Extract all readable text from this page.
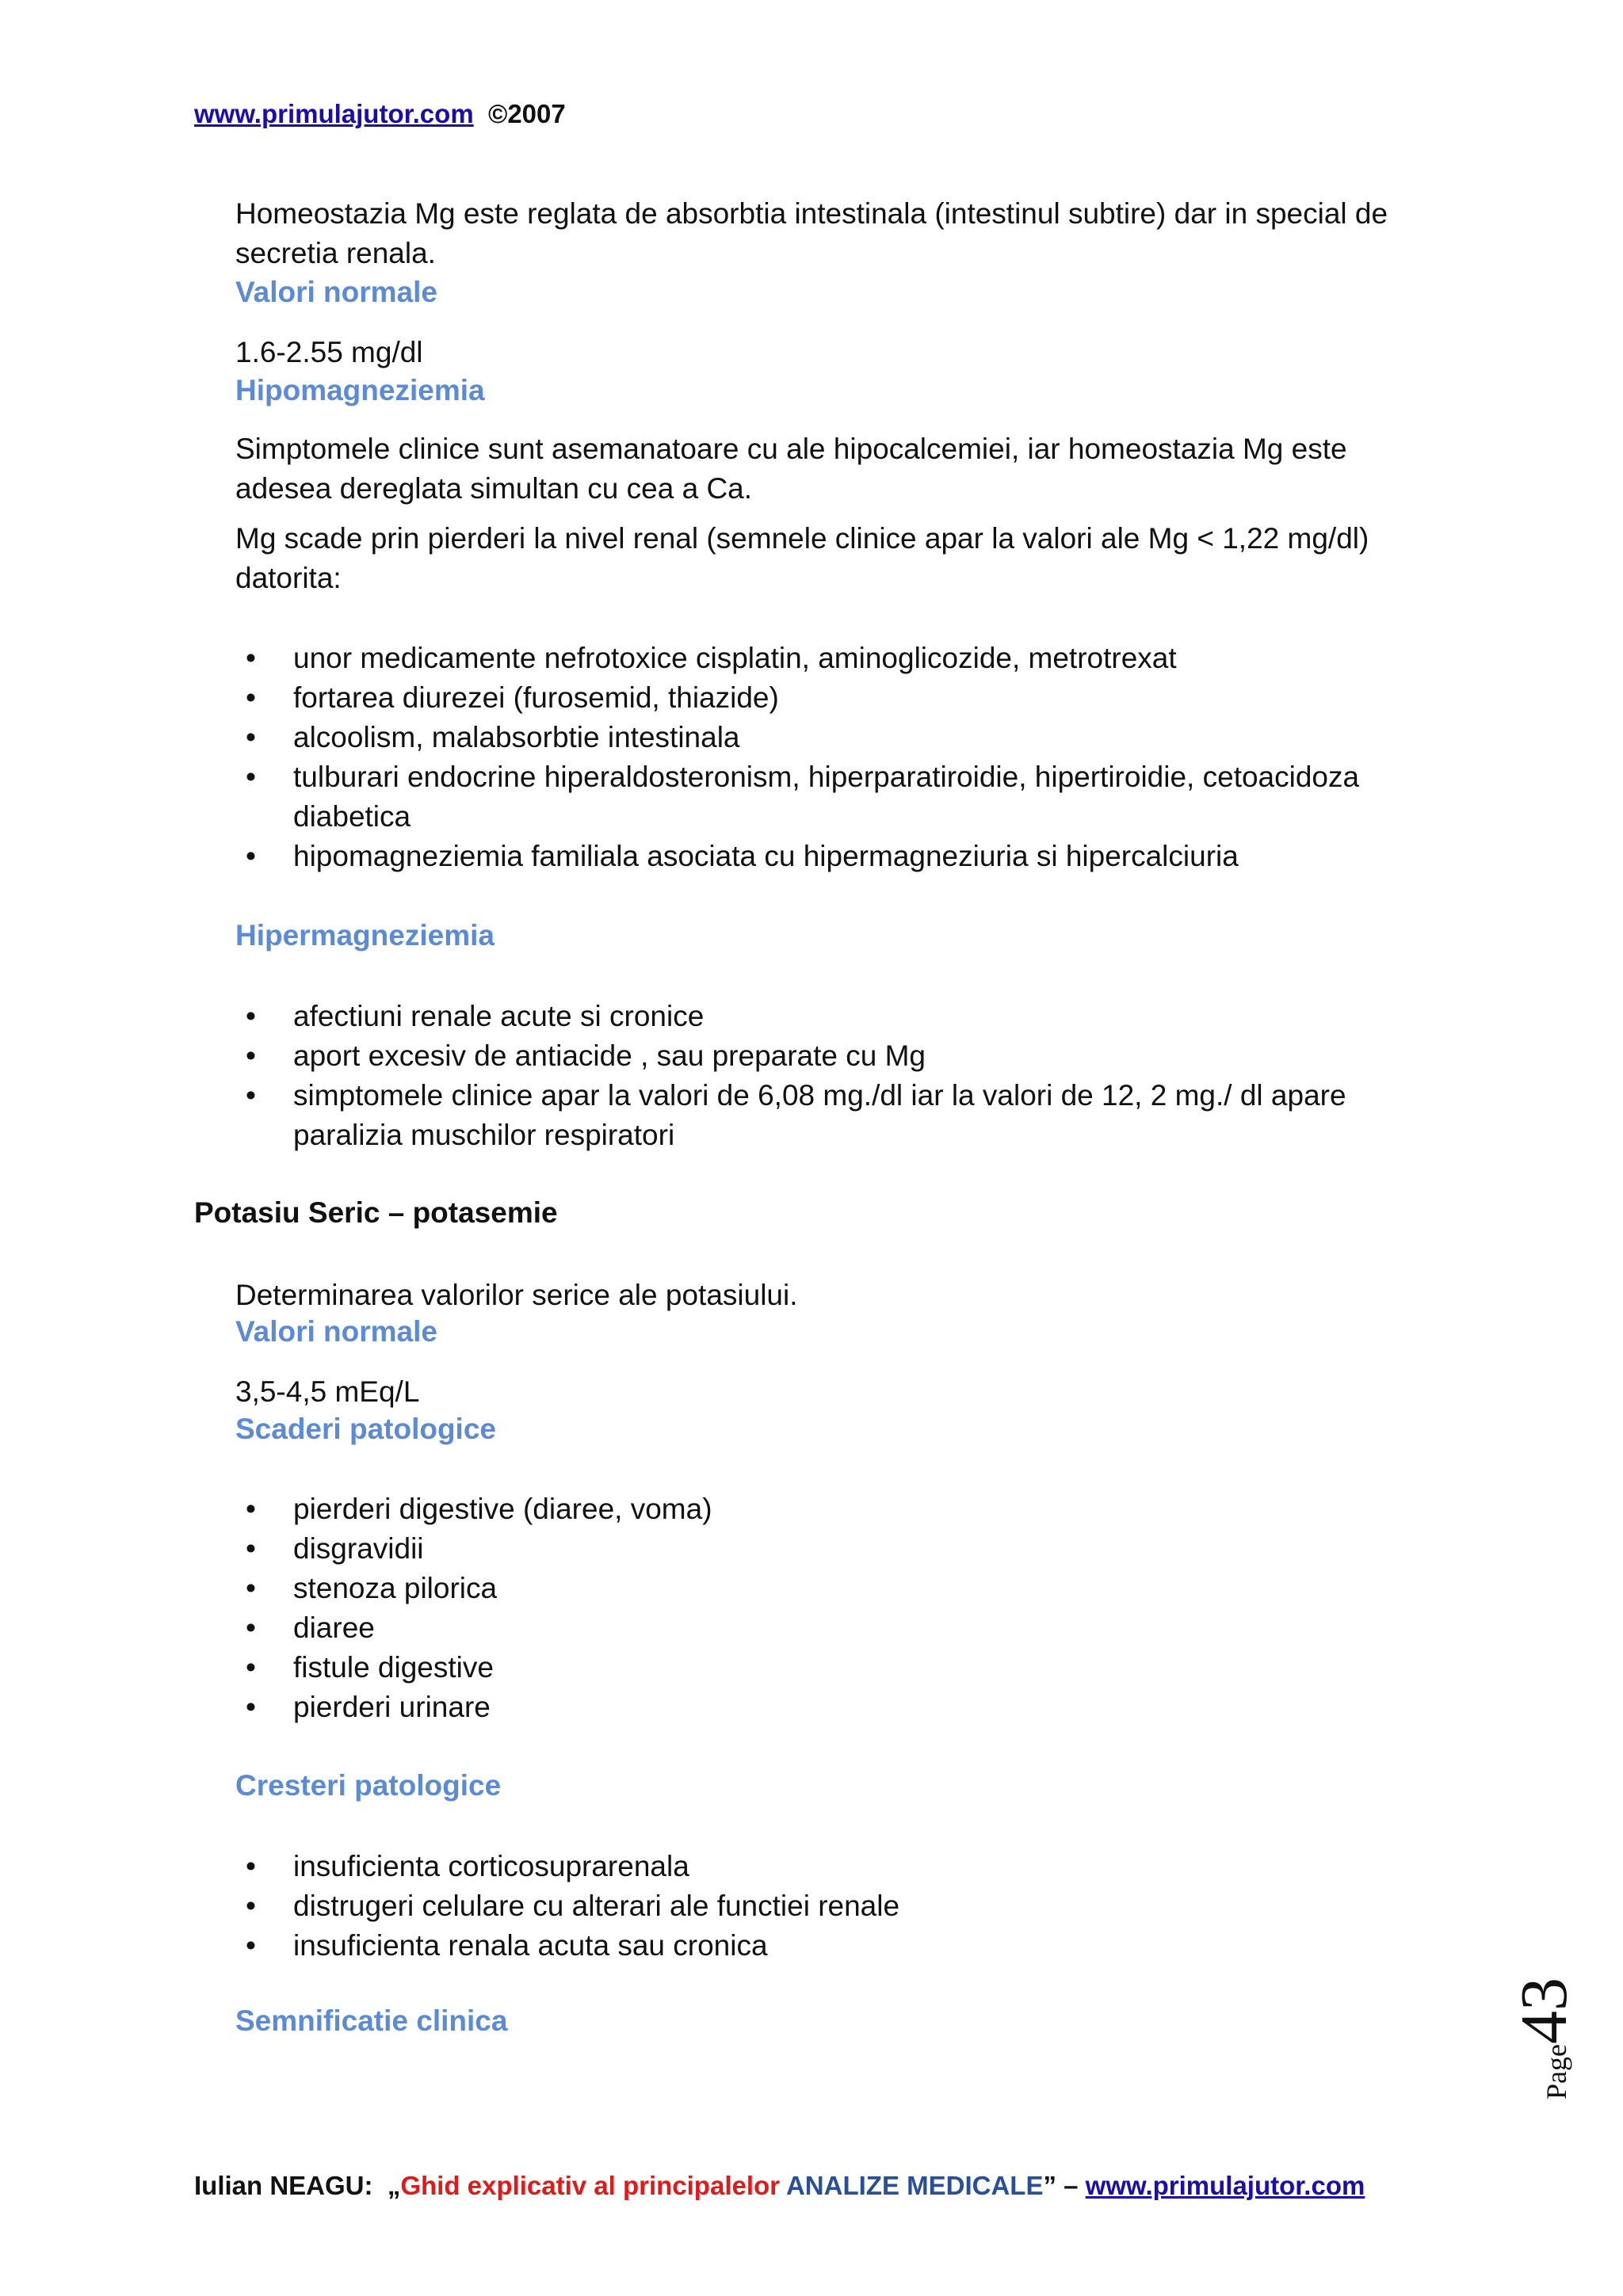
www.primulajutor.com ©2007
Homeostazia Mg este reglata de absorbtia intestinala (intestinul subtire) dar in special de secretia renala.
Valori normale
1.6-2.55 mg/dl
Hipomagneziemia
Simptomele clinice sunt asemanatoare cu ale hipocalcemiei, iar homeostazia Mg este adesea dereglata simultan cu cea a Ca.
Mg scade prin pierderi la nivel renal (semnele clinice apar la valori ale Mg < 1,22 mg/dl) datorita:
• unor medicamente nefrotoxice cisplatin, aminoglicozide, metrotrexat
• fortarea diurezei (furosemid, thiazide)
• alcoolism, malabsorbtie intestinala
• tulburari endocrine hiperaldosteronism, hiperparatiroidie, hipertiroidie, cetoacidoza diabetica
• hipomagneziemia familiala asociata cu hipermagneziuria si hipercalciuria
Hipermagneziemia
• afectiuni renale acute si cronice
• aport excesiv de antiacide , sau preparate cu Mg
• simptomele clinice apar la valori de 6,08 mg./dl iar la valori de 12, 2 mg./ dl apare paralizia muschilor respiratori
Potasiu Seric – potasemie
Determinarea valorilor serice ale potasiului.
Valori normale
3,5-4,5 mEq/L
Scaderi patologice
• pierderi digestive (diaree, voma)
• disgravidii
• stenoza pilorica
• diaree
• fistule digestive
• pierderi urinare
Cresteri patologice
• insuficienta corticosuprarenala
• distrugeri celulare cu alterari ale functiei renale
• insuficienta renala acuta sau cronica
Semnificatie clinica
Page43
Iulian NEAGU: „Ghid explicativ al principalelor ANALIZE MEDICALE” – www.primulajutor.com
